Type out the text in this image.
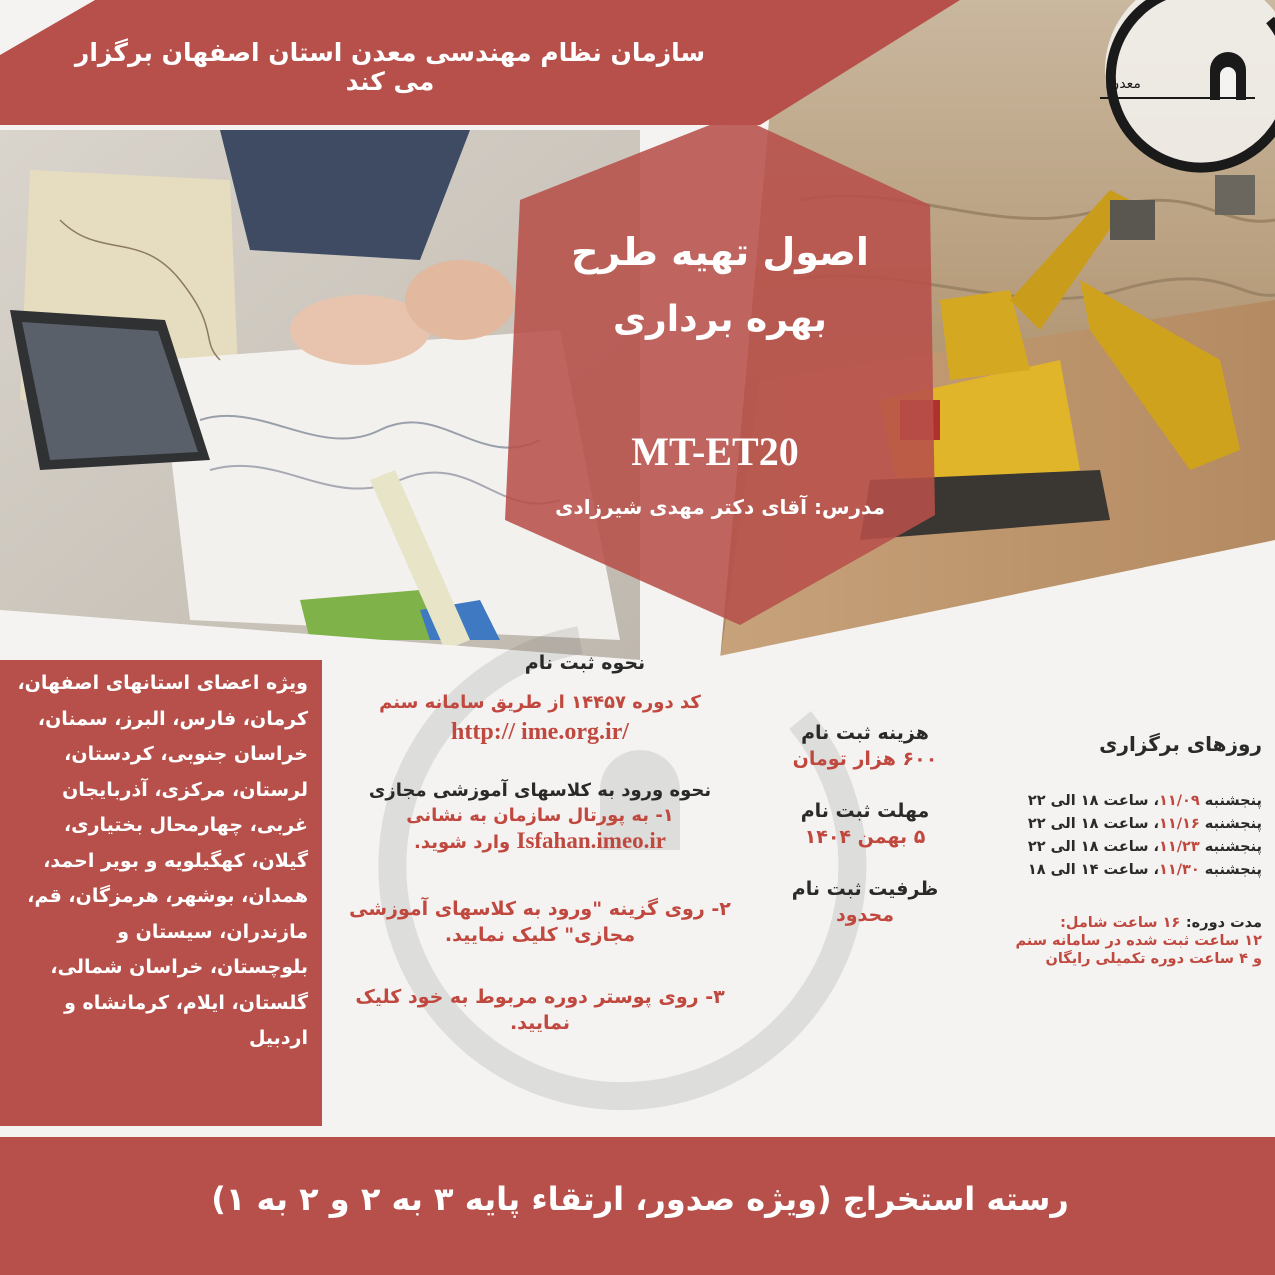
سازمان نظام مهندسی معدن استان اصفهان برگزار می کند	معدن
اصول تهیه طرح
بهره برداری
MT-ET20
مدرس: آقای دکتر مهدی شیرزادی
ویژه اعضای استانهای اصفهان،
کرمان، فارس، البرز، سمنان،
خراسان جنوبی، کردستان،
لرستان، مرکزی، آذربایجان
غربی، چهارمحال بختیاری،
گیلان، کهگیلویه و بویر احمد،
همدان، بوشهر، هرمزگان، قم،
مازندران، سیستان و
بلوچستان، خراسان شمالی،
گلستان، ایلام، کرمانشاه و
اردبیل
نحوه ثبت نام
کد دوره ۱۴۴۵۷ از طریق سامانه سنم
http:// ime.org.ir/
نحوه ورود به کلاسهای آموزشی مجازی
۱- به پورتال سازمان به نشانی
Isfahan.imeo.ir وارد شوید.
۲- روی گزینه "ورود به کلاسهای آموزشی
مجازی" کلیک نمایید.
۳- روی پوستر دوره مربوط به خود کلیک
نمایید.
هزینه ثبت نام
۶۰۰ هزار تومان
مهلت ثبت نام
۵ بهمن ۱۴۰۴
ظرفیت ثبت نام
محدود
روزهای برگزاری
پنجشنبه ۱۱/۰۹، ساعت ۱۸ الی ۲۲
پنجشنبه ۱۱/۱۶، ساعت ۱۸ الی ۲۲
پنجشنبه ۱۱/۲۳، ساعت ۱۸ الی ۲۲
پنجشنبه ۱۱/۳۰، ساعت ۱۴ الی ۱۸
مدت دوره: ۱۶ ساعت شامل:
۱۲ ساعت ثبت شده در سامانه سنم
و ۴ ساعت دوره تکمیلی رایگان
رسته استخراج (ویژه صدور، ارتقاء پایه ۳ به ۲ و ۲ به ۱)
